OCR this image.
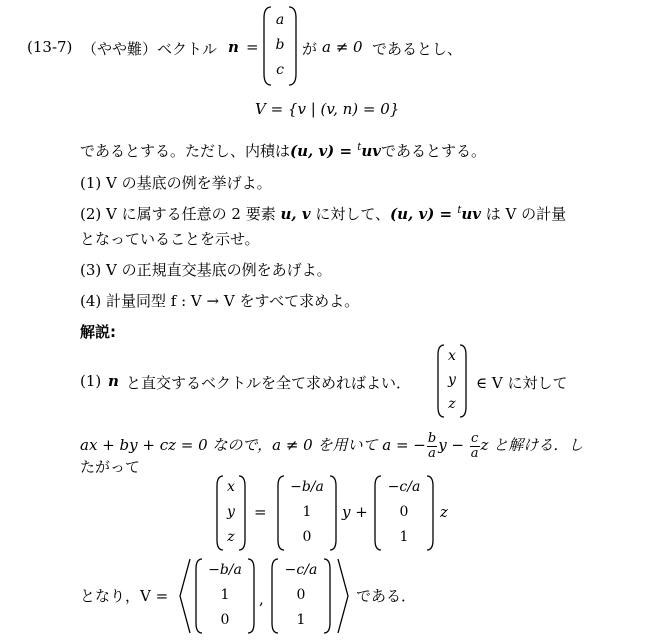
(13-7) （やや難）ベクトル n =
a
b
c
が a ≠ 0 であるとし、
V = {v | (v, n) = 0}
であるとする。ただし、内積は(u, v) = $^t$uvであるとする。
(1) V の基底の例を挙げよ。
(2) V に属する任意の 2 要素 u, v に対して、(u, v) = $^t$uv は V の計量
となっていることを示せ。
(3) V の正規直交基底の例をあげよ。
(4) 計量同型 f : V → V をすべて求めよ。
解説:
(1) n と直交するベクトルを全て求めればよい．
x
y
z
∈ V に対して
ax + by + cz = 0 なので，a ≠ 0 を用いて a = − $\frac{b}{a}$ $y - \frac{c}{a}$ z と解ける．し
たがって
x
y
z
=
−b/a
1
0
y +
−c/a
0
1
z
となり，V =
−b/a
1
0
,
−c/a
0
1
である．
